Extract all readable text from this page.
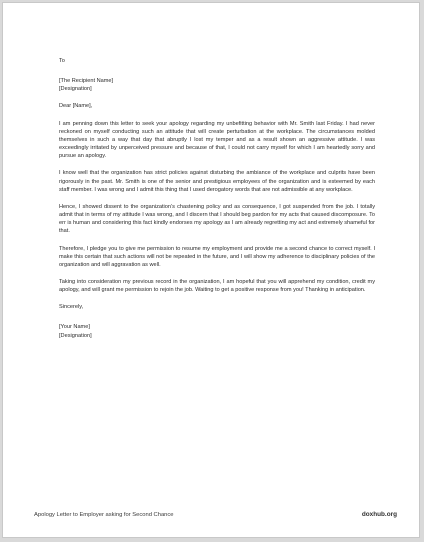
To

[The Recipient Name]

[Designation]

Dear [Name],

I am penning down this letter to seek your apology regarding my unbefitting behavior with Mr. Smith last Friday. I had never reckoned on myself conducting such an attitude that will create perturbation at the workplace. The circumstances molded themselves in such a way that day that abruptly I lost my temper and as a result shown an aggressive attitude. I was exceedingly irritated by unperceived pressure and because of that, I could not carry myself for which I am heartedly sorry and pursue an apology.

I know well that the organization has strict policies against disturbing the ambiance of the workplace and culprits have been rigorously in the past. Mr. Smith is one of the senior and prestigious employees of the organization and is esteemed by each staff member. I was wrong and I admit this thing that I used derogatory words that are not admissible at any workplace.

Hence, I showed dissent to the organization’s chastening policy and as consequence, I got suspended from the job. I totally admit that in terms of my attitude I was wrong, and I discern that I should beg pardon for my acts that caused discomposure. To err is human and considering this fact kindly endorses my apology as I am already regretting my act and extremely shameful for that.

Therefore, I pledge you to give me permission to resume my employment and provide me a second chance to correct myself. I make this certain that such actions will not be repeated in the future, and I will show my adherence to disciplinary policies of the organization and will aggravation as well.

Taking into consideration my previous record in the organization, I am hopeful that you will apprehend my condition, credit my apology, and will grant me permission to rejoin the job. Waiting to get a positive response from you! Thanking in anticipation.

Sincerely,

[Your Name]

[Designation]

Apology Letter to Employer asking for Second Chance	doxhub.org
